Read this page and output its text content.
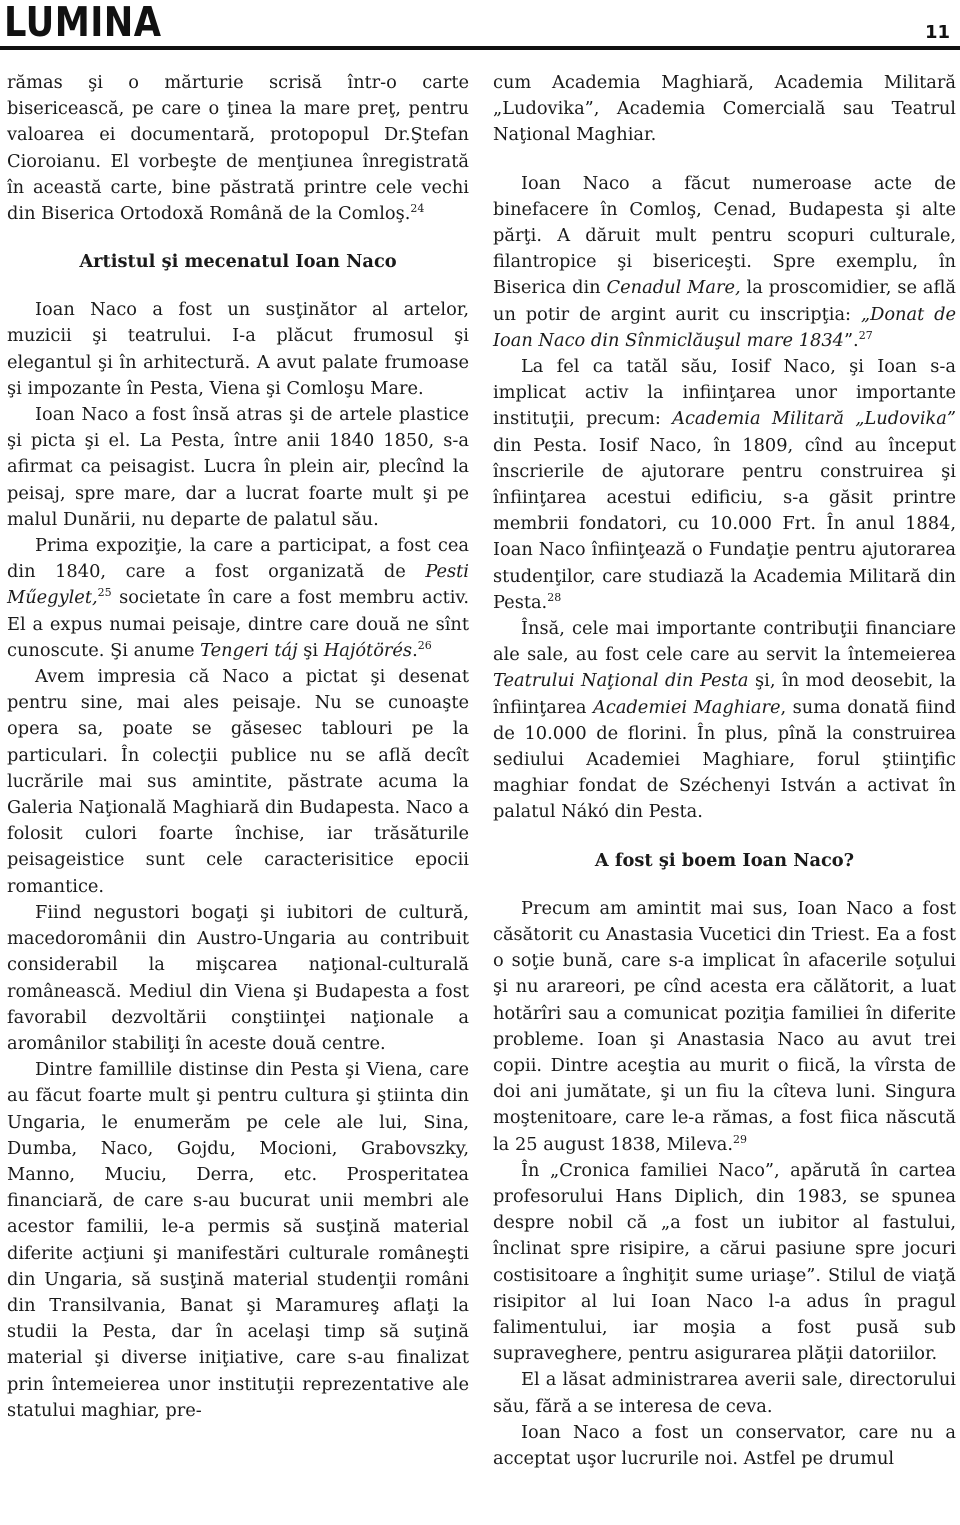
LUMINA	11

rămas şi o mărturie scrisă într-o carte bisericească, pe care o ţinea la mare preţ, pentru valoarea ei documentară, protopopul Dr.Ştefan Cioroianu. El vorbeşte de menţiunea înregistrată în această carte, bine păstrată printre cele vechi din Biserica Ortodoxă Română de la Comloş.$^{24}$

Artistul şi mecenatul Ioan Naco

Ioan Naco a fost un susţinător al artelor, muzicii şi teatrului. I-a plăcut frumosul şi elegantul şi în arhitectură. A avut palate frumoase şi impozante în Pesta, Viena şi Comloşu Mare.

Ioan Naco a fost însă atras şi de artele plastice şi picta şi el. La Pesta, între anii 1840 1850, s-a afirmat ca peisagist. Lucra în plein air, plecînd la peisaj, spre mare, dar a lucrat foarte mult şi pe malul Dunării, nu departe de palatul său.

Prima expoziţie, la care a participat, a fost cea din 1840, care a fost organizată de Pesti Műegylet,$^{25}$ societate în care a fost membru activ. El a expus numai peisaje, dintre care două ne sînt cunoscute. Şi anume Tengeri táj şi Hajótörés.$^{26}$

Avem impresia că Naco a pictat şi desenat pentru sine, mai ales peisaje. Nu se cunoaşte opera sa, poate se găsesec tablouri pe la particulari. În colecţii publice nu se află decît lucrările mai sus amintite, păstrate acuma la Galeria Naţională Maghiară din Budapesta. Naco a folosit culori foarte închise, iar trăsăturile peisageistice sunt cele caracterisitice epocii romantice.

Fiind negustori bogaţi şi iubitori de cultură, macedoromânii din Austro-Ungaria au contribuit considerabil la mişcarea naţional-culturală românească. Mediul din Viena şi Budapesta a fost favorabil dezvoltării conştiinţei naţionale a aromânilor stabiliţi în aceste două centre.

Dintre famillile distinse din Pesta şi Viena, care au făcut foarte mult şi pentru cultura şi ştiinta din Ungaria, le enumerăm pe cele ale lui, Sina, Dumba, Naco, Gojdu, Mocioni, Grabovszky, Manno, Muciu, Derra, etc. Prosperitatea financiară, de care s-au bucurat unii membri ale acestor familii, le-a permis să susţină material diferite acţiuni şi manifestări culturale româneşti din Ungaria, să susţină material studenţii români din Transilvania, Banat şi Maramureş aflaţi la studii la Pesta, dar în acelaşi timp să suţină material şi diverse iniţiative, care s-au finalizat prin întemeierea unor instituţii reprezentative ale statului maghiar, pre-

cum Academia Maghiară, Academia Militară „Ludovika”, Academia Comercială sau Teatrul Naţional Maghiar.

Ioan Naco a făcut numeroase acte de binefacere în Comloş, Cenad, Budapesta şi alte părţi. A dăruit mult pentru scopuri culturale, filantropice şi bisericeşti. Spre exemplu, în Biserica din Cenadul Mare, la proscomidier, se află un potir de argint aurit cu inscripţia: „Donat de Ioan Naco din Sînmiclăuşul mare 1834”.$^{27}$

La fel ca tatăl său, Iosif Naco, şi Ioan s-a implicat activ la infiinţarea unor importante instituţii, precum: Academia Militară „Ludovika” din Pesta. Iosif Naco, în 1809, cînd au început înscrierile de ajutorare pentru construirea şi înfiinţarea acestui edificiu, s-a găsit printre membrii fondatori, cu 10.000 Frt. În anul 1884, Ioan Naco înfiinţează o Fundaţie pentru ajutorarea studenţilor, care studiază la Academia Militară din Pesta.$^{28}$

Însă, cele mai importante contribuţii financiare ale sale, au fost cele care au servit la întemeierea Teatrului Naţional din Pesta şi, în mod deosebit, la înfiinţarea Academiei Maghiare, suma donată fiind de 10.000 de florini. În plus, pînă la construirea sediului Academiei Maghiare, forul ştiinţific maghiar fondat de Széchenyi István a activat în palatul Nákó din Pesta.

A fost şi boem Ioan Naco?

Precum am amintit mai sus, Ioan Naco a fost căsătorit cu Anastasia Vucetici din Triest. Ea a fost o soţie bună, care s-a implicat în afacerile soţului şi nu arareori, pe cînd acesta era călătorit, a luat hotărîri sau a comunicat poziţia familiei în diferite probleme. Ioan şi Anastasia Naco au avut trei copii. Dintre aceştia au murit o fiică, la vîrsta de doi ani jumătate, şi un fiu la cîteva luni. Singura moştenitoare, care le-a rămas, a fost fiica născută la 25 august 1838, Mileva.$^{29}$

În „Cronica familiei Naco”, apărută în cartea profesorului Hans Diplich, din 1983, se spunea despre nobil că „a fost un iubitor al fastului, înclinat spre risipire, a cărui pasiune spre jocuri costisitoare a înghiţit sume uriaşe”. Stilul de viaţă risipitor al lui Ioan Naco l-a adus în pragul falimentului, iar moşia a fost pusă sub supraveghere, pentru asigurarea plăţii datoriilor.

El a lăsat administrarea averii sale, directorului său, fără a se interesa de ceva.

Ioan Naco a fost un conservator, care nu a acceptat uşor lucrurile noi. Astfel pe drumul
